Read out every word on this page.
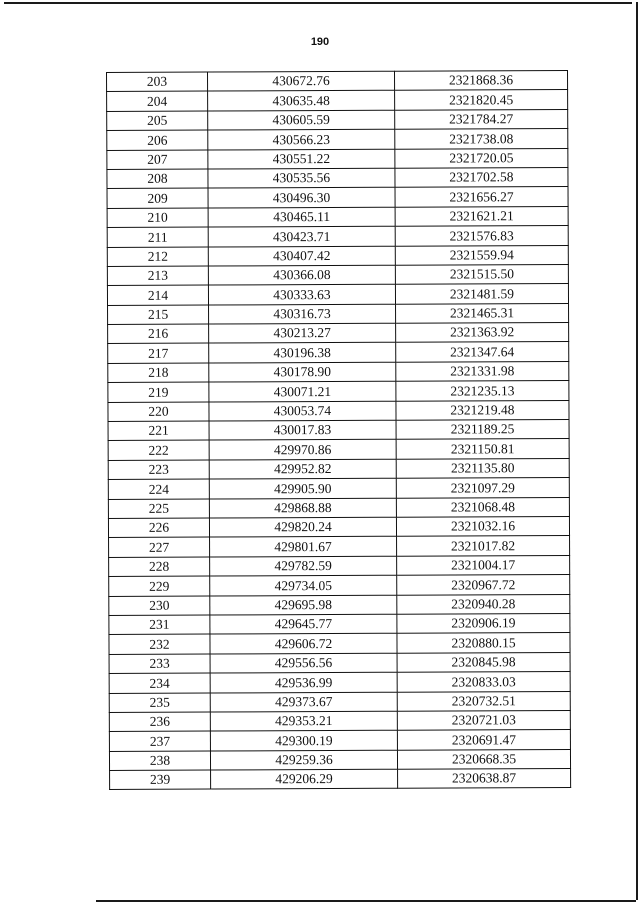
190
203	430672.76	2321868.36
204	430635.48	2321820.45
205	430605.59	2321784.27
206	430566.23	2321738.08
207	430551.22	2321720.05
208	430535.56	2321702.58
209	430496.30	2321656.27
210	430465.11	2321621.21
211	430423.71	2321576.83
212	430407.42	2321559.94
213	430366.08	2321515.50
214	430333.63	2321481.59
215	430316.73	2321465.31
216	430213.27	2321363.92
217	430196.38	2321347.64
218	430178.90	2321331.98
219	430071.21	2321235.13
220	430053.74	2321219.48
221	430017.83	2321189.25
222	429970.86	2321150.81
223	429952.82	2321135.80
224	429905.90	2321097.29
225	429868.88	2321068.48
226	429820.24	2321032.16
227	429801.67	2321017.82
228	429782.59	2321004.17
229	429734.05	2320967.72
230	429695.98	2320940.28
231	429645.77	2320906.19
232	429606.72	2320880.15
233	429556.56	2320845.98
234	429536.99	2320833.03
235	429373.67	2320732.51
236	429353.21	2320721.03
237	429300.19	2320691.47
238	429259.36	2320668.35
239	429206.29	2320638.87
